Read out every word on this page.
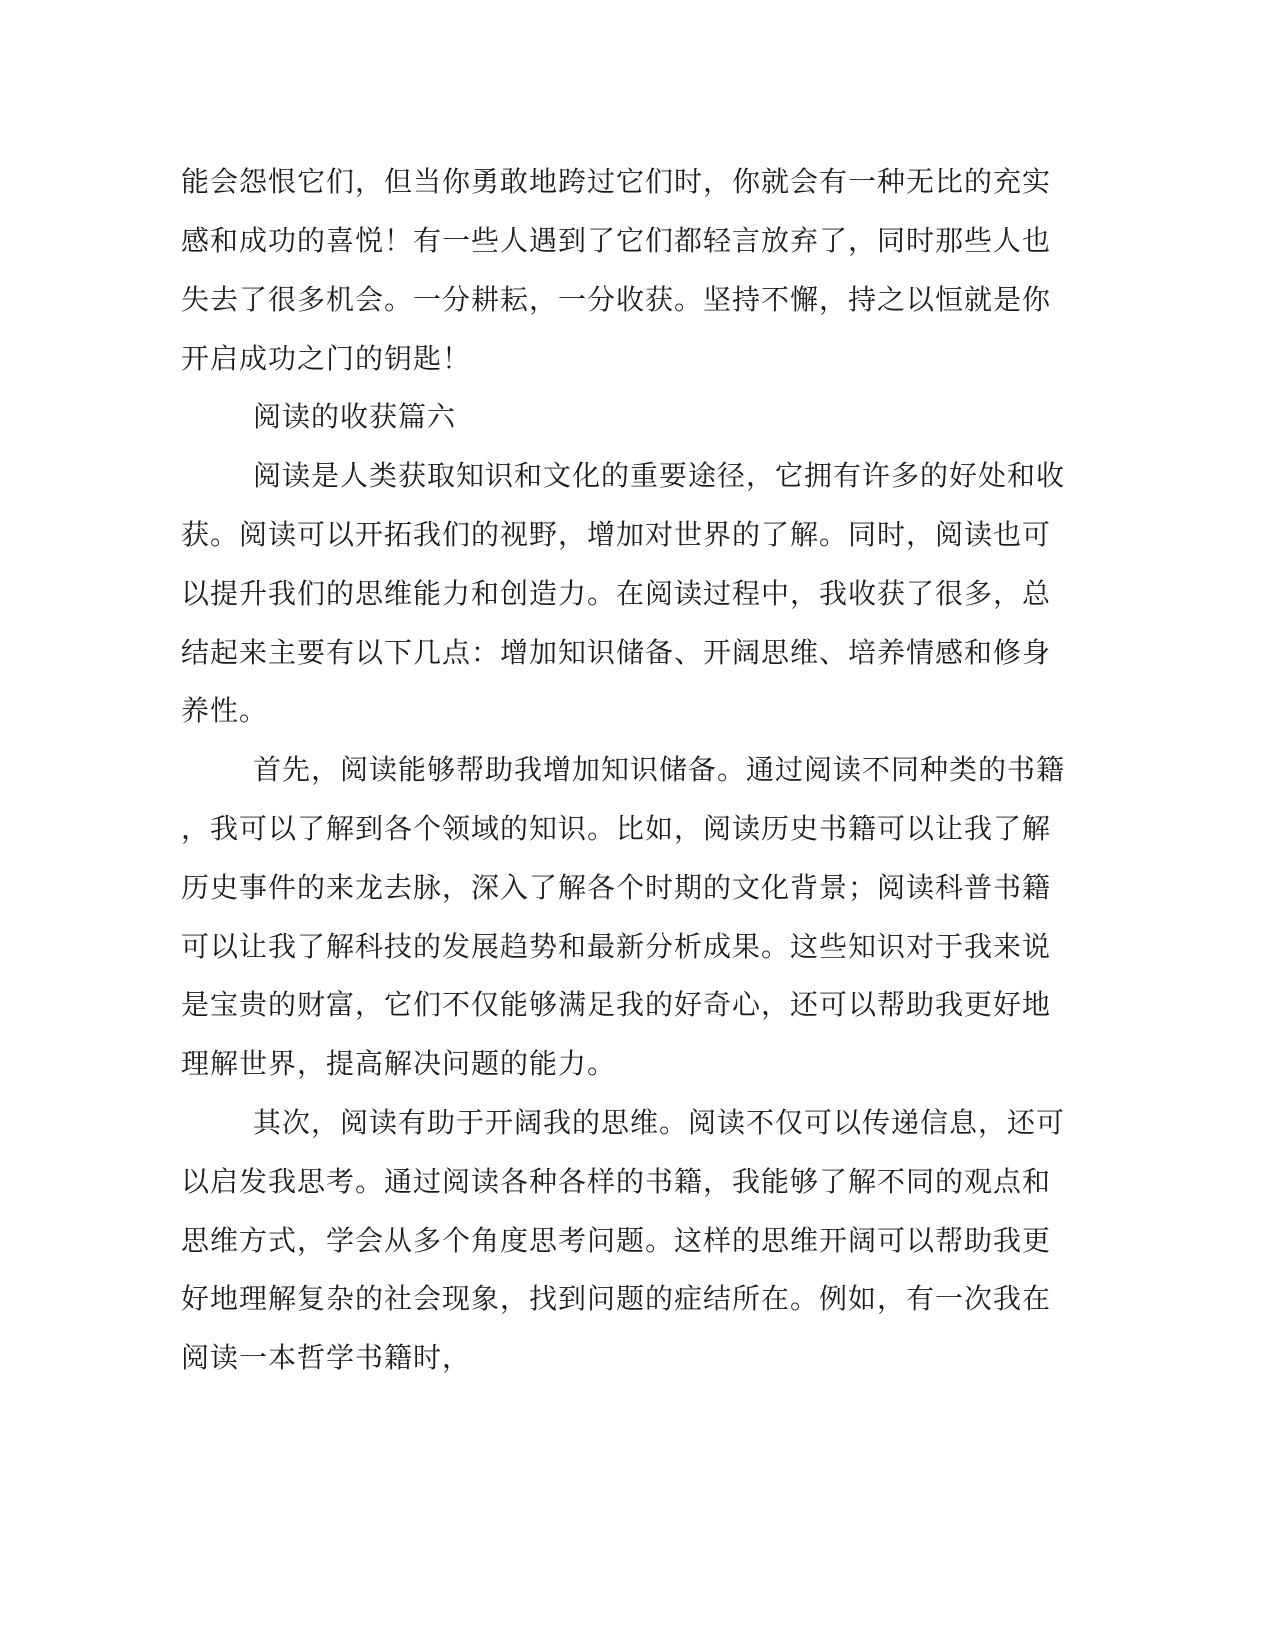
能会怨恨它们，但当你勇敢地跨过它们时，你就会有一种无比的充实
感和成功的喜悦！有一些人遇到了它们都轻言放弃了，同时那些人也
失去了很多机会。一分耕耘，一分收获。坚持不懈，持之以恒就是你
开启成功之门的钥匙！
阅读的收获篇六
阅读是人类获取知识和文化的重要途径，它拥有许多的好处和收
获。阅读可以开拓我们的视野，增加对世界的了解。同时，阅读也可
以提升我们的思维能力和创造力。在阅读过程中，我收获了很多，总
结起来主要有以下几点：增加知识储备、开阔思维、培养情感和修身
养性。
首先，阅读能够帮助我增加知识储备。通过阅读不同种类的书籍
，我可以了解到各个领域的知识。比如，阅读历史书籍可以让我了解
历史事件的来龙去脉，深入了解各个时期的文化背景；阅读科普书籍
可以让我了解科技的发展趋势和最新分析成果。这些知识对于我来说
是宝贵的财富，它们不仅能够满足我的好奇心，还可以帮助我更好地
理解世界，提高解决问题的能力。
其次，阅读有助于开阔我的思维。阅读不仅可以传递信息，还可
以启发我思考。通过阅读各种各样的书籍，我能够了解不同的观点和
思维方式，学会从多个角度思考问题。这样的思维开阔可以帮助我更
好地理解复杂的社会现象，找到问题的症结所在。例如，有一次我在
阅读一本哲学书籍时，
